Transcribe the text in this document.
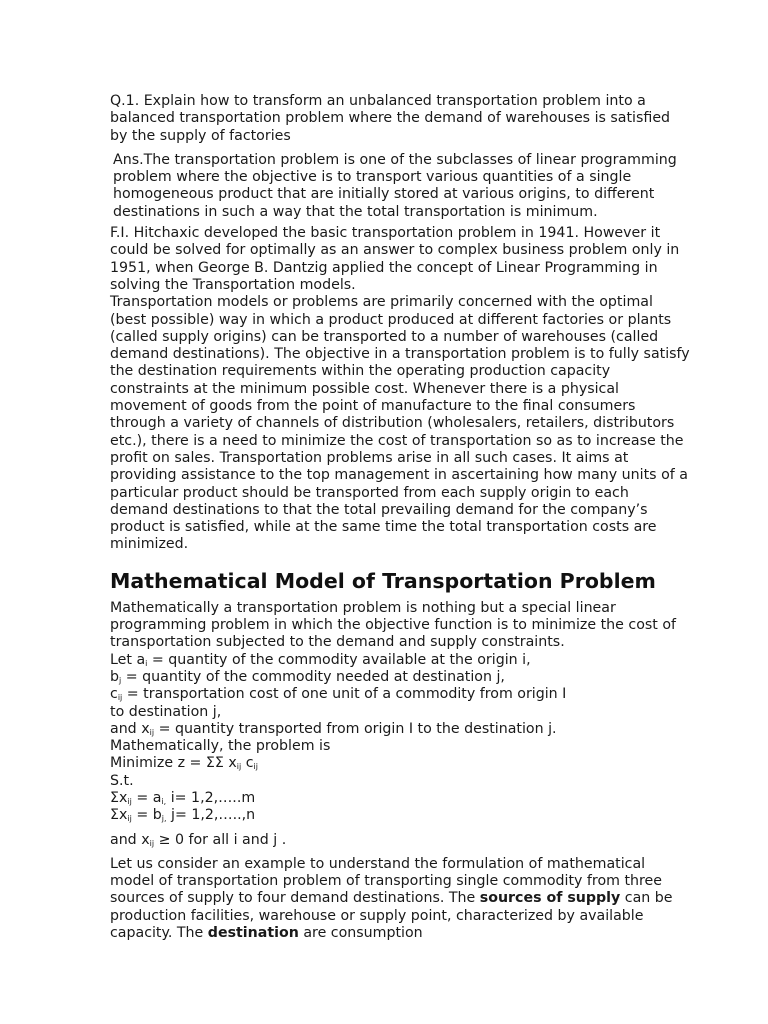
Q.1. Explain how to transform an unbalanced transportation problem into a balanced transportation problem where the demand of warehouses is satisfied by the supply of factories

Ans.The transportation problem is one of the subclasses of linear programming problem where the objective is to transport various quantities of a single homogeneous product that are initially stored at various origins, to different destinations in such a way that the total transportation is minimum.

F.I. Hitchaxic developed the basic transportation problem in 1941. However it could be solved for optimally as an answer to complex business problem only in 1951, when George B. Dantzig applied the concept of Linear Programming in solving the Transportation models.

Transportation models or problems are primarily concerned with the optimal (best possible) way in which a product produced at different factories or plants (called supply origins) can be transported to a number of warehouses (called demand destinations). The objective in a transportation problem is to fully satisfy the destination requirements within the operating production capacity constraints at the minimum possible cost. Whenever there is a physical movement of goods from the point of manufacture to the final consumers through a variety of channels of distribution (wholesalers, retailers, distributors etc.), there is a need to minimize the cost of transportation so as to increase the profit on sales. Transportation problems arise in all such cases. It aims at providing assistance to the top management in ascertaining how many units of a particular product should be transported from each supply origin to each demand destinations to that the total prevailing demand for the company’s product is satisfied, while at the same time the total transportation costs are minimized.

Mathematical Model of Transportation Problem

Mathematically a transportation problem is nothing but a special linear programming problem in which the objective function is to minimize the cost of transportation subjected to the demand and supply constraints.

Let $a_i$ = quantity of the commodity available at the origin i,
$b_j$ = quantity of the commodity needed at destination j,
$c_{ij}$ = transportation cost of one unit of a commodity from origin I
to destination j,
and $x_{ij}$ = quantity transported from origin I to the destination j.
Mathematically, the problem is
Minimize z = ΣΣ $x_{ij}$ $c_{ij}$
S.t.
$\Sigma x_{ij} = a_{i,}$ i= 1,2,…..m
$\Sigma x_{ij} = b_{j,}$ j= 1,2,…..,n

and $x_{ij} \ge 0$ for all i and j .

Let us consider an example to understand the formulation of mathematical model of transportation problem of transporting single commodity from three sources of supply to four demand destinations. The sources of supply can be production facilities, warehouse or supply point, characterized by available capacity. The destination are consumption
